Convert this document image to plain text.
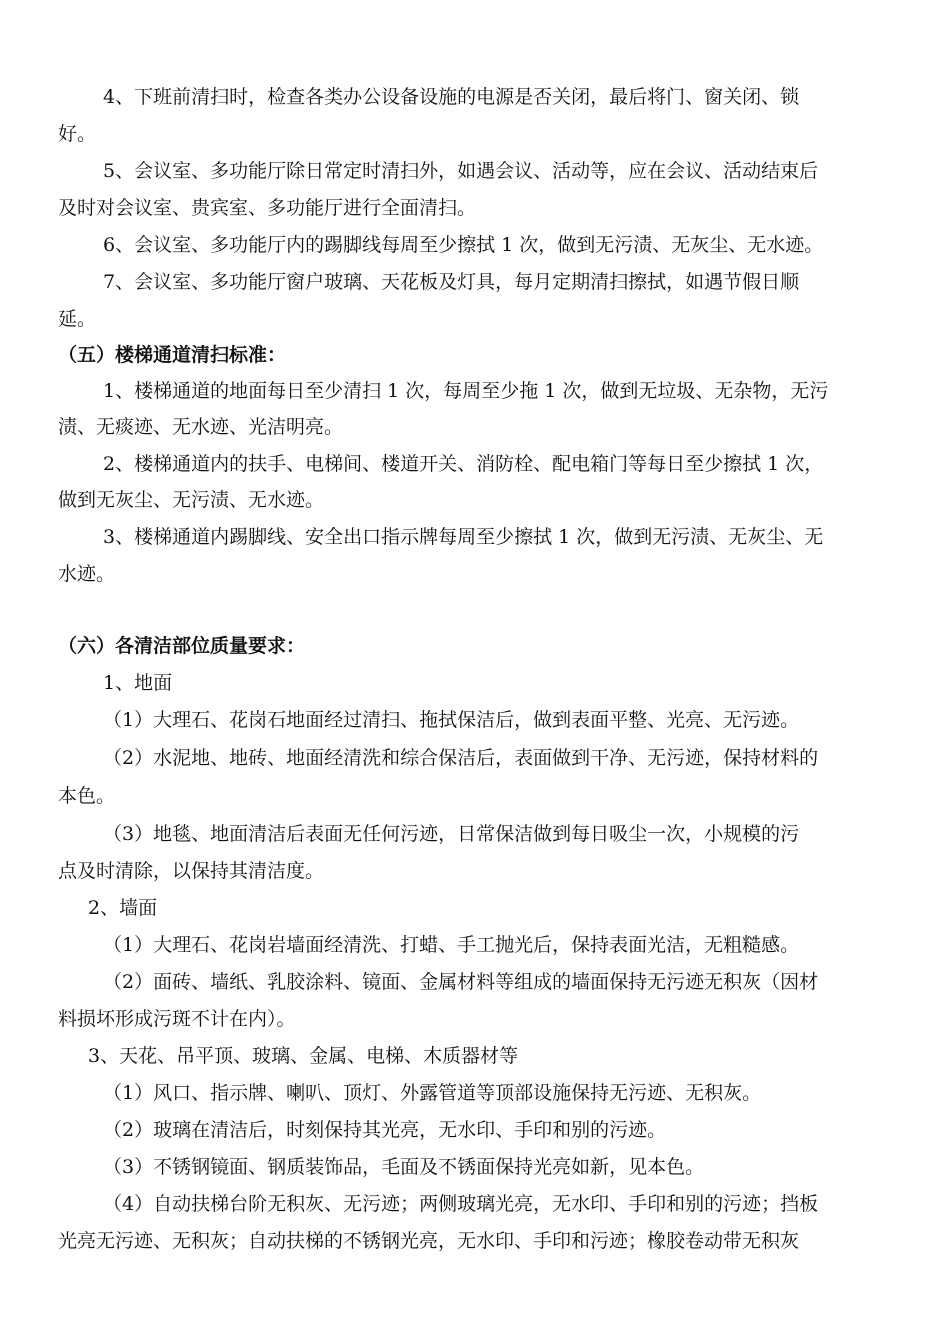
4、下班前清扫时，检查各类办公设备设施的电源是否关闭，最后将门、窗关闭、锁
好。
5、会议室、多功能厅除日常定时清扫外，如遇会议、活动等，应在会议、活动结束后
及时对会议室、贵宾室、多功能厅进行全面清扫。
6、会议室、多功能厅内的踢脚线每周至少擦拭 1 次，做到无污渍、无灰尘、无水迹。
7、会议室、多功能厅窗户玻璃、天花板及灯具，每月定期清扫擦拭，如遇节假日顺
延。
（五）楼梯通道清扫标准：
1、楼梯通道的地面每日至少清扫 1 次，每周至少拖 1 次，做到无垃圾、无杂物，无污
渍、无痰迹、无水迹、光洁明亮。
2、楼梯通道内的扶手、电梯间、楼道开关、消防栓、配电箱门等每日至少擦拭 1 次，
做到无灰尘、无污渍、无水迹。
3、楼梯通道内踢脚线、安全出口指示牌每周至少擦拭 1 次，做到无污渍、无灰尘、无
水迹。
（六）各清洁部位质量要求：
1、地面
（1）大理石、花岗石地面经过清扫、拖拭保洁后，做到表面平整、光亮、无污迹。
（2）水泥地、地砖、地面经清洗和综合保洁后，表面做到干净、无污迹，保持材料的
本色。
（3）地毯、地面清洁后表面无任何污迹，日常保洁做到每日吸尘一次，小规模的污
点及时清除，以保持其清洁度。
2、墙面
（1）大理石、花岗岩墙面经清洗、打蜡、手工抛光后，保持表面光洁，无粗糙感。
（2）面砖、墙纸、乳胶涂料、镜面、金属材料等组成的墙面保持无污迹无积灰（因材
料损坏形成污斑不计在内）。
3、天花、吊平顶、玻璃、金属、电梯、木质器材等
（1）风口、指示牌、喇叭、顶灯、外露管道等顶部设施保持无污迹、无积灰。
（2）玻璃在清洁后，时刻保持其光亮，无水印、手印和别的污迹。
（3）不锈钢镜面、钢质装饰品，毛面及不锈面保持光亮如新，见本色。
（4）自动扶梯台阶无积灰、无污迹；两侧玻璃光亮，无水印、手印和别的污迹；挡板
光亮无污迹、无积灰；自动扶梯的不锈钢光亮，无水印、手印和污迹；橡胶卷动带无积灰
